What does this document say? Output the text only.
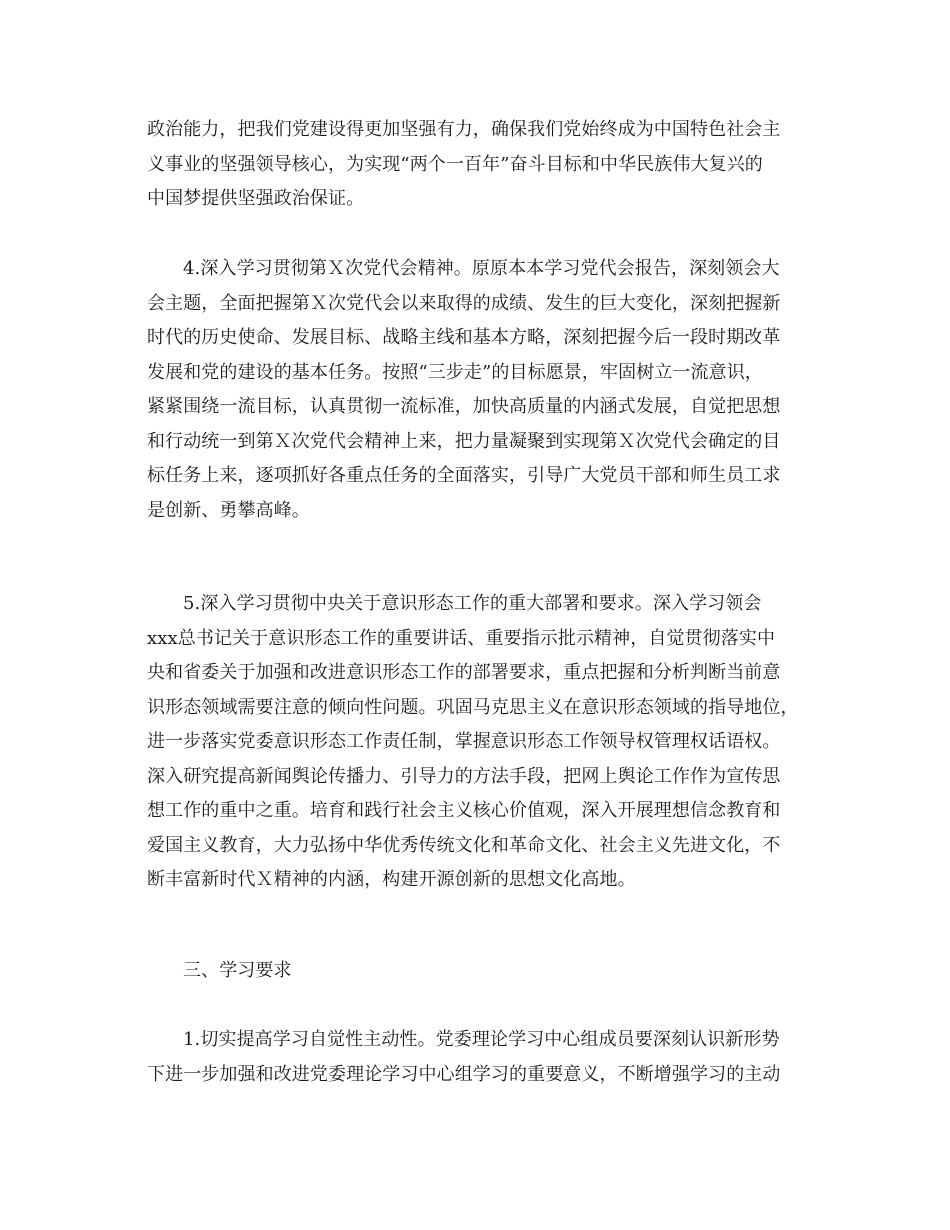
政治能力，把我们党建设得更加坚强有力，确保我们党始终成为中国特色社会主
义事业的坚强领导核心，为实现“两个一百年”奋斗目标和中华民族伟大复兴的
中国梦提供坚强政治保证。
4.深入学习贯彻第Ｘ次党代会精神。原原本本学习党代会报告，深刻领会大
会主题，全面把握第Ｘ次党代会以来取得的成绩、发生的巨大变化，深刻把握新
时代的历史使命、发展目标、战略主线和基本方略，深刻把握今后一段时期改革
发展和党的建设的基本任务。按照“三步走”的目标愿景，牢固树立一流意识，
紧紧围绕一流目标，认真贯彻一流标准，加快高质量的内涵式发展，自觉把思想
和行动统一到第Ｘ次党代会精神上来，把力量凝聚到实现第Ｘ次党代会确定的目
标任务上来，逐项抓好各重点任务的全面落实，引导广大党员干部和师生员工求
是创新、勇攀高峰。
5.深入学习贯彻中央关于意识形态工作的重大部署和要求。深入学习领会
xxx总书记关于意识形态工作的重要讲话、重要指示批示精神，自觉贯彻落实中
央和省委关于加强和改进意识形态工作的部署要求，重点把握和分析判断当前意
识形态领域需要注意的倾向性问题。巩固马克思主义在意识形态领域的指导地位，
进一步落实党委意识形态工作责任制，掌握意识形态工作领导权管理权话语权。
深入研究提高新闻舆论传播力、引导力的方法手段，把网上舆论工作作为宣传思
想工作的重中之重。培育和践行社会主义核心价值观，深入开展理想信念教育和
爱国主义教育，大力弘扬中华优秀传统文化和革命文化、社会主义先进文化，不
断丰富新时代Ｘ精神的内涵，构建开源创新的思想文化高地。
三、学习要求
1.切实提高学习自觉性主动性。党委理论学习中心组成员要深刻认识新形势
下进一步加强和改进党委理论学习中心组学习的重要意义，不断增强学习的主动
